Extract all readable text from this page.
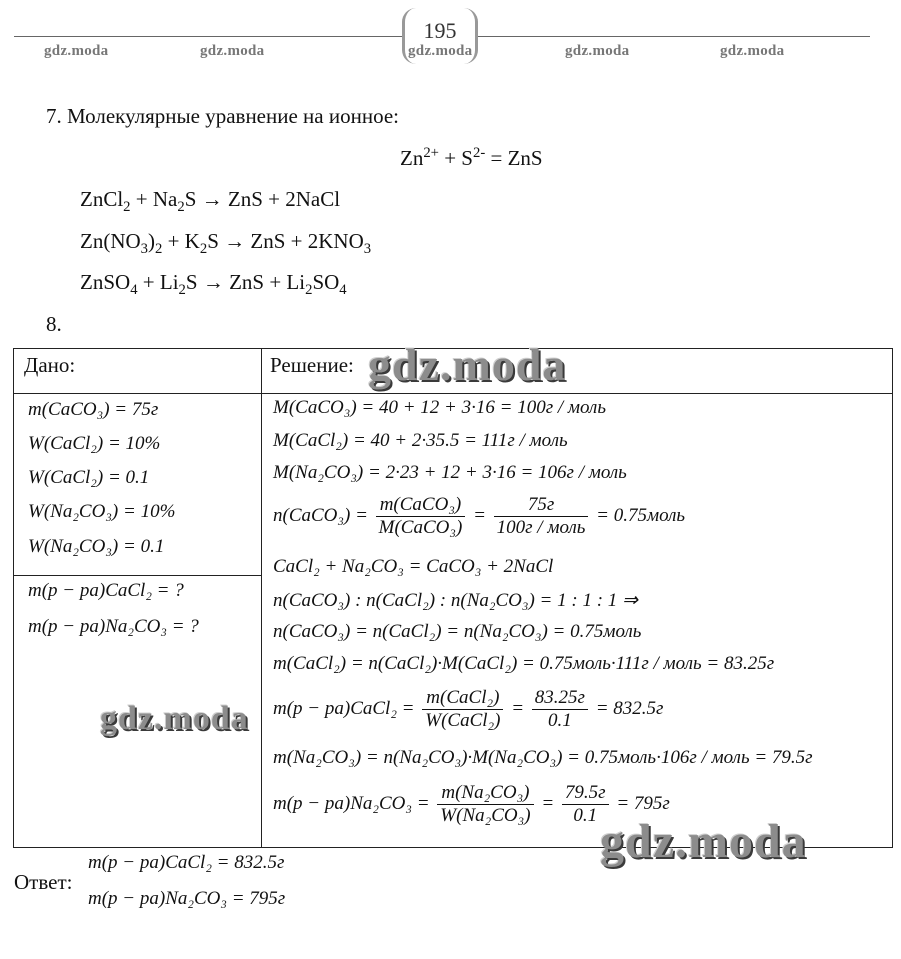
195
gdz.moda	gdz.moda	gdz.moda	gdz.moda	gdz.moda
7. Молекулярные уравнение на ионное:
$Zn^{2+} + S^{2-}$ = ZnS
ZnCl$_2$ + $Na_2S$ → ZnS + 2NaCl
$Zn(NO_3)_2 + K_2S$ → ZnS + $2KNO_3$
ZnSO$_4$ + $Li_2S$ → ZnS + $Li_2SO_4$
8.
Дано:	Решение:
m(CaCO₃) = 75г
W(CaCl₂) = 10%
W(CaCl₂) = 0.1
W(Na₂CO₃) = 10%
W(Na₂CO₃) = 0.1
m(p − pa)CaCl₂ = ?
m(p − pa)Na₂CO₃ = ?
M(CaCO₃) = 40 + 12 + 3·16 = 100г / моль
M(CaCl₂) = 40 + 2·35.5 = 111г / моль
M(Na₂CO₃) = 2·23 + 12 + 3·16 = 106г / моль
n(CaCO₃) = $\frac{\text{m(CaCO₃)}}{\text{M(CaCO₃)}} = \frac{75г}{\text{100г / моль}}$ = 0.75моль
CaCl₂ + Na₂CO₃ = CaCO₃ + 2NaCl
n(CaCO₃) : n(CaCl₂) : n(Na₂CO₃) = 1 : 1 : 1 ⇒
n(CaCO₃) = n(CaCl₂) = n(Na₂CO₃) = 0.75моль
m(CaCl₂) = n(CaCl₂)·M(CaCl₂) = 0.75моль·111г / моль = 83.25г
m(p − pa)CaCl₂ = $\frac{\text{m(CaCl₂)}}{\text{W(CaCl₂)}} = \frac{83.25г}{0.1} = 832.5г$
m(Na₂CO₃) = n(Na₂CO₃)·M(Na₂CO₃) = 0.75моль·106г / моль = 79.5г
$m(p - pa)Na_2CO_3 = \frac{\text{m(Na₂CO₃)}}{\text{W(Na₂CO₃)}} = \frac{79.5г}{0.1} = 795г$
Ответ:
m(p − pa)CaCl₂ = 832.5г
m(p − pa)Na₂CO₃ = 795г
gdz.moda
gdz.moda
gdz.moda
